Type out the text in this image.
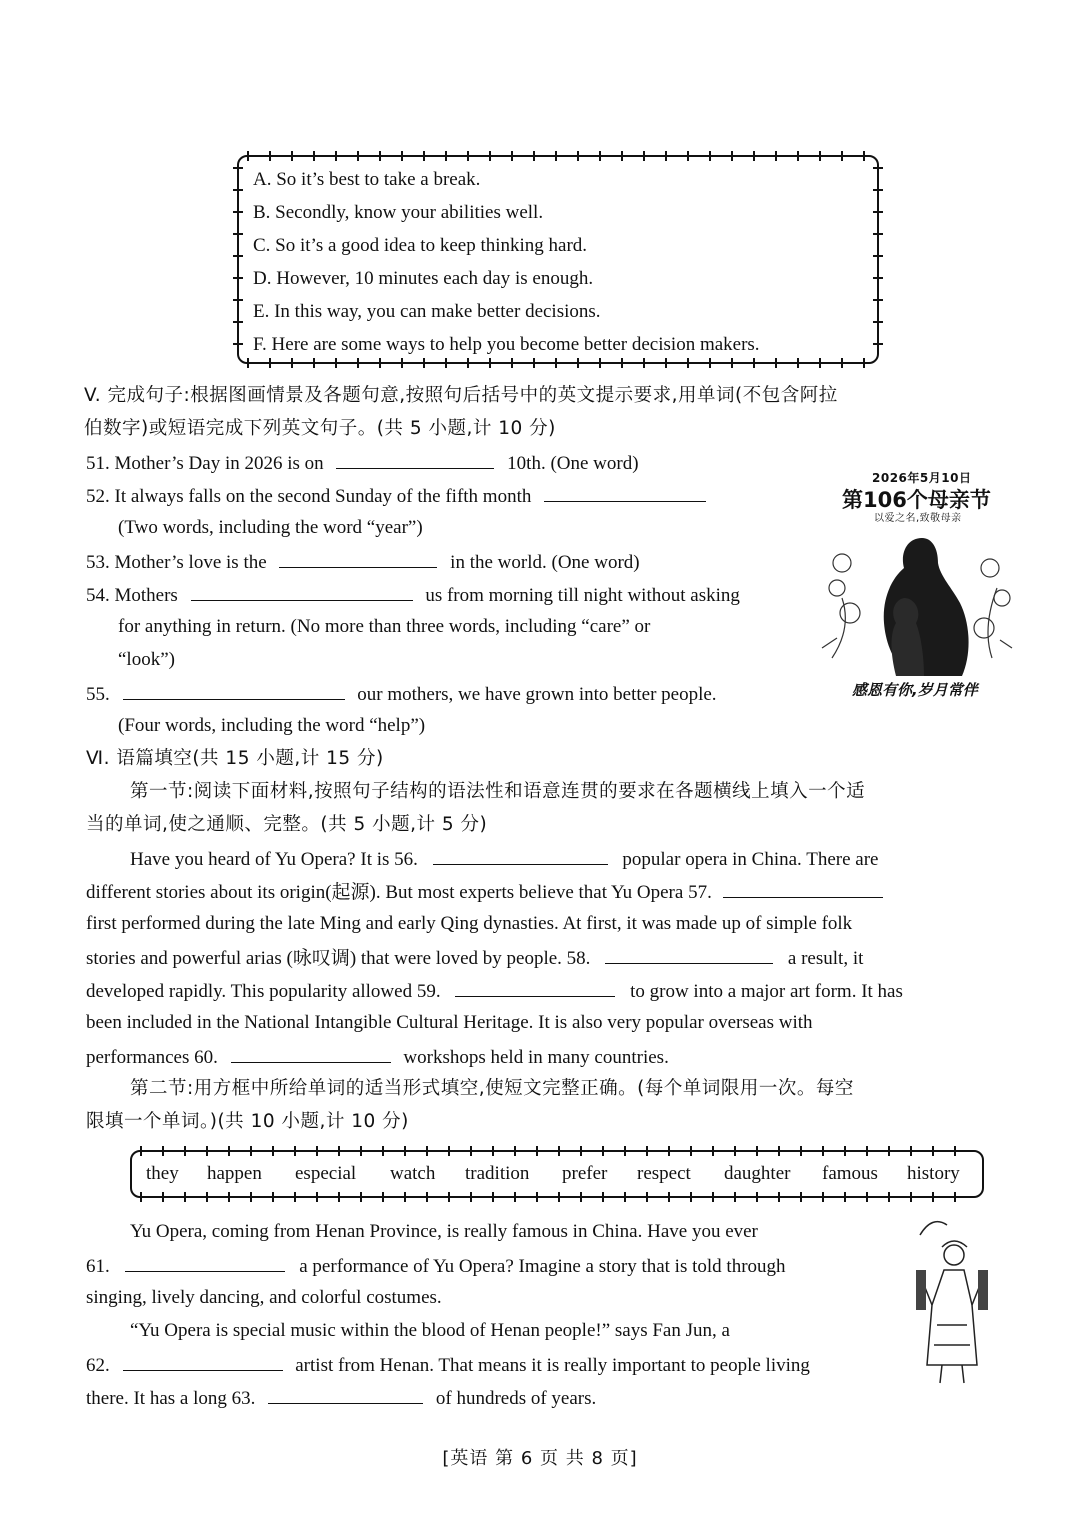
A. So it’s best to take a break.
B. Secondly, know your abilities well.
C. So it’s a good idea to keep thinking hard.
D. However, 10 minutes each day is enough.
E. In this way, you can make better decisions.
F. Here are some ways to help you become better decision makers.
V. 完成句子:根据图画情景及各题句意,按照句后括号中的英文提示要求,用单词(不包含阿拉
伯数字)或短语完成下列英文句子。(共 5 小题,计 10 分)
51. Mother’s Day in 2026 is on	10th. (One word)
52. It always falls on the second Sunday of the fifth month
(Two words, including the word “year”)
53. Mother’s love is the	in the world. (One word)
54. Mothers	us from morning till night without asking
for anything in return. (No more than three words, including “care” or
“look”)
55.	our mothers, we have grown into better people.
(Four words, including the word “help”)
2026年5月10日
第106个母亲节
以爱之名,致敬母亲
感恩有你,岁月常伴
Ⅵ. 语篇填空(共 15 小题,计 15 分)
第一节:阅读下面材料,按照句子结构的语法性和语意连贯的要求在各题横线上填入一个适
当的单词,使之通顺、完整。(共 5 小题,计 5 分)
Have you heard of Yu Opera? It is 56.	popular opera in China. There are
different stories about its origin(起源). But most experts believe that Yu Opera 57.
first performed during the late Ming and early Qing dynasties. At first, it was made up of simple folk
stories and powerful arias (咏叹调) that were loved by people. 58.	a result, it
developed rapidly. This popularity allowed 59.	to grow into a major art form. It has
been included in the National Intangible Cultural Heritage. It is also very popular overseas with
performances 60.	workshops held in many countries.
第二节:用方框中所给单词的适当形式填空,使短文完整正确。(每个单词限用一次。每空
限填一个单词。)(共 10 小题,计 10 分)
they happen especial watch tradition prefer respect daughter famous history
Yu Opera, coming from Henan Province, is really famous in China. Have you ever
61.	a performance of Yu Opera? Imagine a story that is told through
singing, lively dancing, and colorful costumes.
“Yu Opera is special music within the blood of Henan people!” says Fan Jun, a
62.	artist from Henan. That means it is really important to people living
there. It has a long 63.	of hundreds of years.
[英语 第 6 页 共 8 页]
